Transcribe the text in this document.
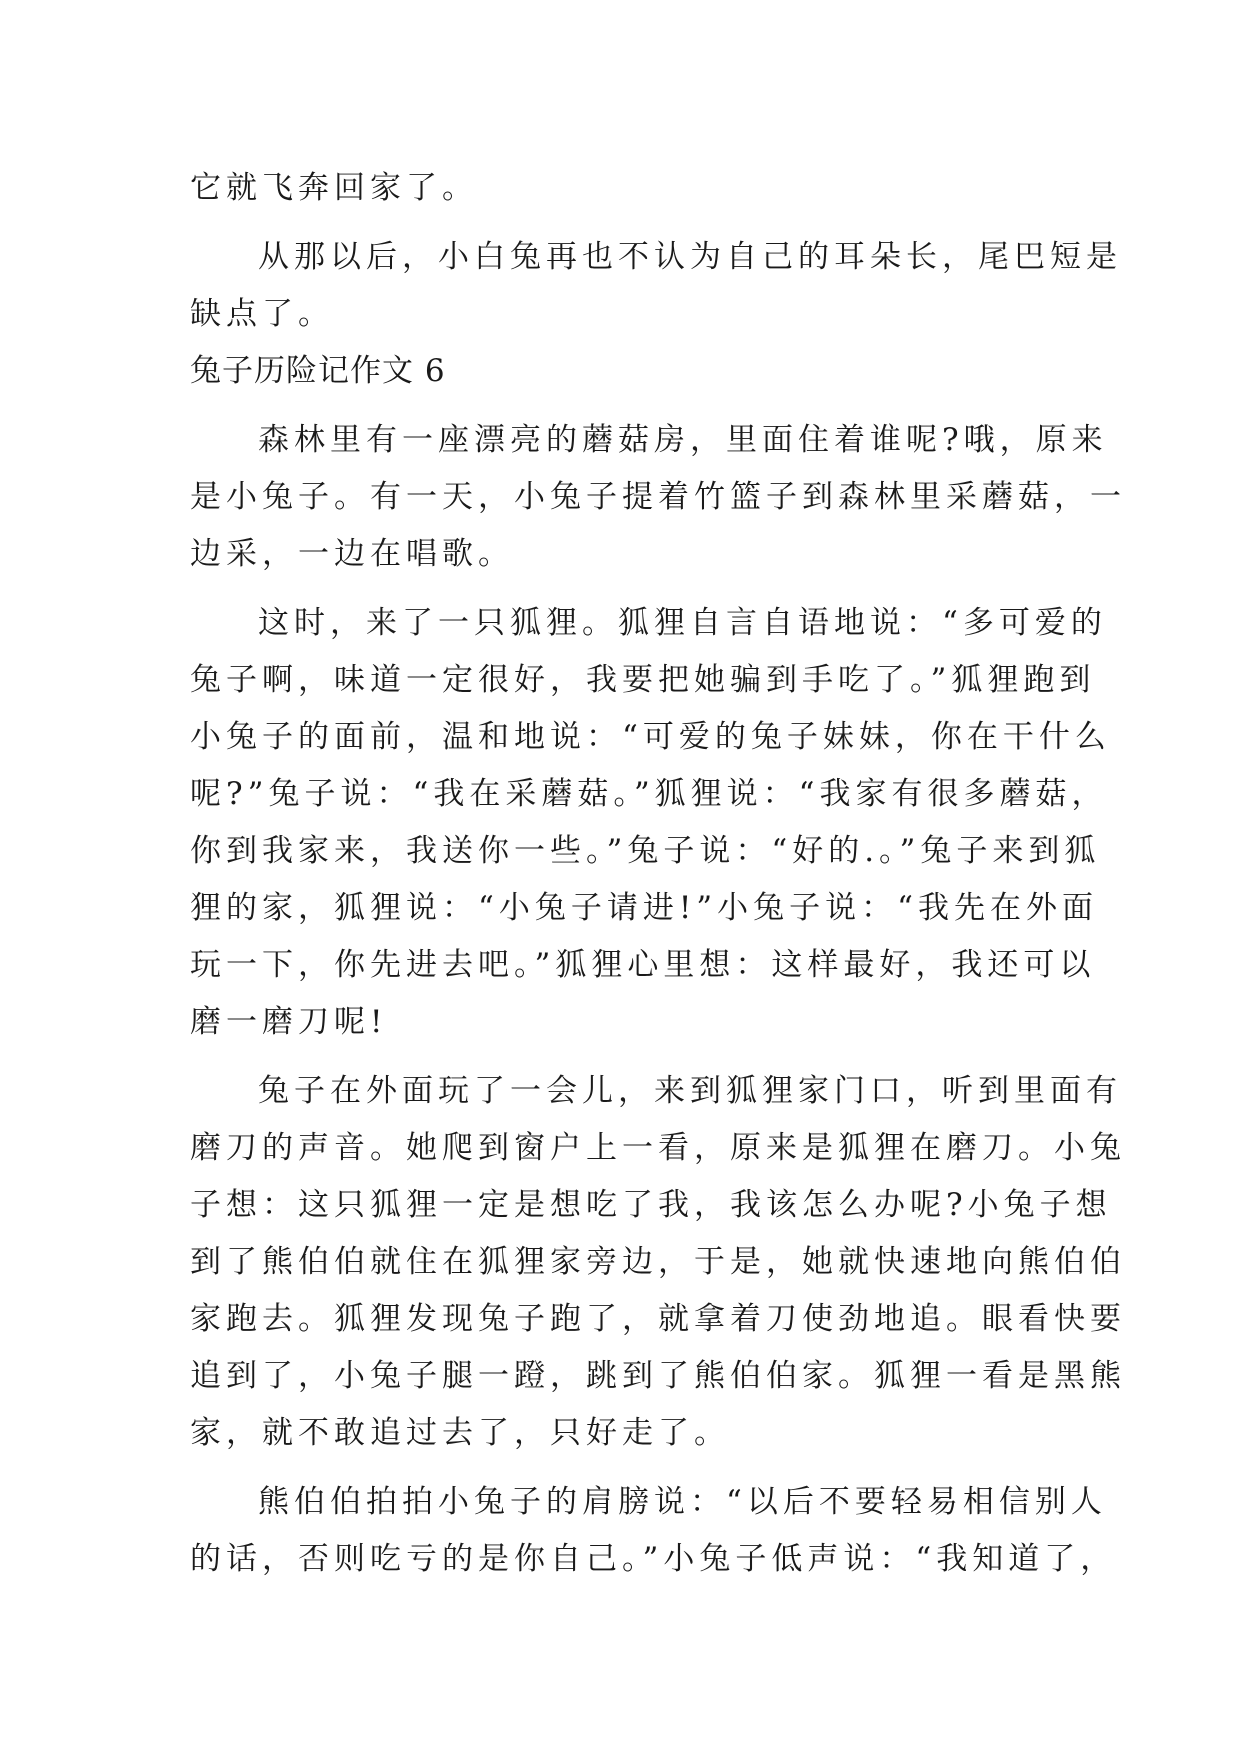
它就飞奔回家了。
从那以后，小白兔再也不认为自己的耳朵长，尾巴短是
缺点了。
兔子历险记作文 6
森林里有一座漂亮的蘑菇房，里面住着谁呢?哦，原来
是小兔子。有一天，小兔子提着竹篮子到森林里采蘑菇，一
边采，一边在唱歌。
这时，来了一只狐狸。狐狸自言自语地说：“多可爱的
兔子啊，味道一定很好，我要把她骗到手吃了。”狐狸跑到
小兔子的面前，温和地说：“可爱的兔子妹妹，你在干什么
呢?”兔子说：“我在采蘑菇。”狐狸说：“我家有很多蘑菇，
你到我家来，我送你一些。”兔子说：“好的.。”兔子来到狐
狸的家，狐狸说：“小兔子请进!”小兔子说：“我先在外面
玩一下，你先进去吧。”狐狸心里想：这样最好，我还可以
磨一磨刀呢!
兔子在外面玩了一会儿，来到狐狸家门口，听到里面有
磨刀的声音。她爬到窗户上一看，原来是狐狸在磨刀。小兔
子想：这只狐狸一定是想吃了我，我该怎么办呢?小兔子想
到了熊伯伯就住在狐狸家旁边，于是，她就快速地向熊伯伯
家跑去。狐狸发现兔子跑了，就拿着刀使劲地追。眼看快要
追到了，小兔子腿一蹬，跳到了熊伯伯家。狐狸一看是黑熊
家，就不敢追过去了，只好走了。
熊伯伯拍拍小兔子的肩膀说：“以后不要轻易相信别人
的话，否则吃亏的是你自己。”小兔子低声说：“我知道了，
